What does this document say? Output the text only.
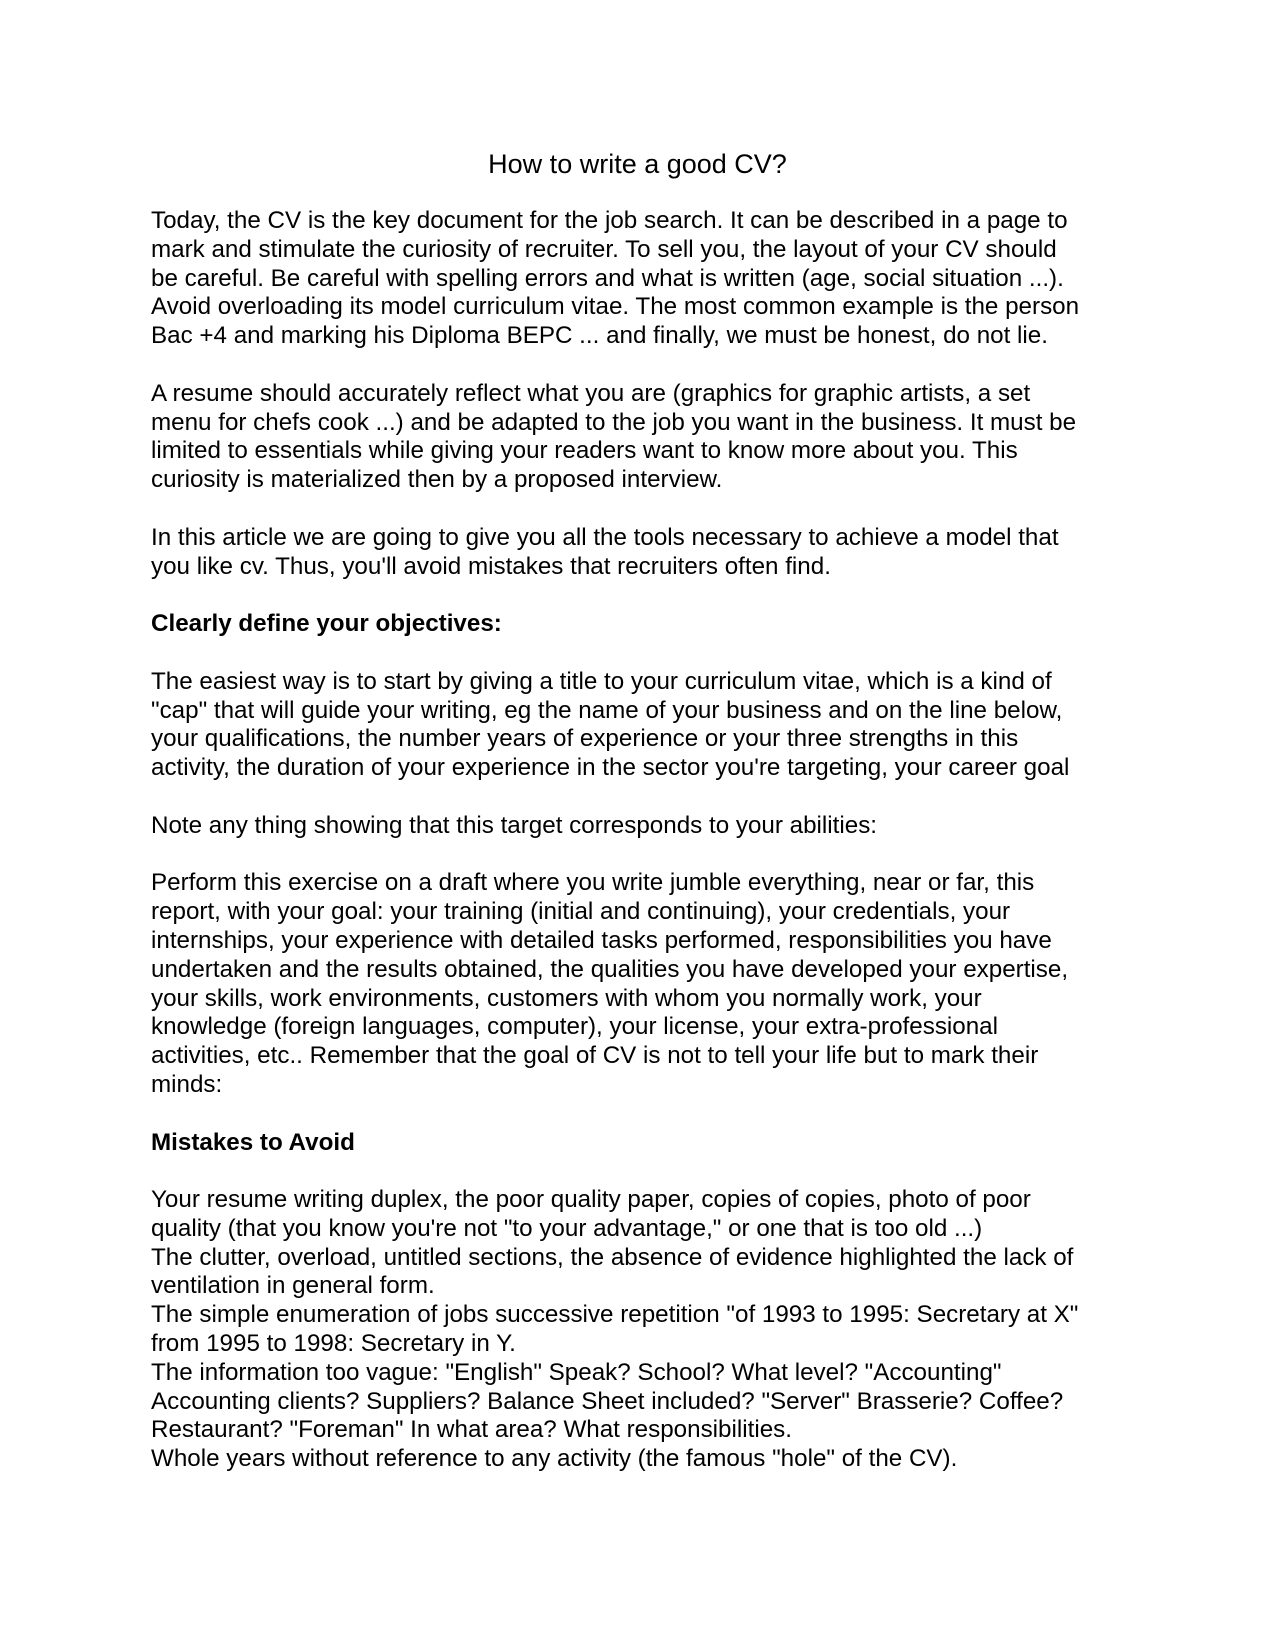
How to write a good CV?
Today, the CV is the key document for the job search. It can be described in a page to
mark and stimulate the curiosity of recruiter. To sell you, the layout of your CV should
be careful. Be careful with spelling errors and what is written (age, social situation ...).
Avoid overloading its model curriculum vitae. The most common example is the person
Bac +4 and marking his Diploma BEPC ... and finally, we must be honest, do not lie.
A resume should accurately reflect what you are (graphics for graphic artists, a set
menu for chefs cook ...) and be adapted to the job you want in the business. It must be
limited to essentials while giving your readers want to know more about you. This
curiosity is materialized then by a proposed interview.
In this article we are going to give you all the tools necessary to achieve a model that
you like cv. Thus, you'll avoid mistakes that recruiters often find.
Clearly define your objectives:
The easiest way is to start by giving a title to your curriculum vitae, which is a kind of
"cap" that will guide your writing, eg the name of your business and on the line below,
your qualifications, the number years of experience or your three strengths in this
activity, the duration of your experience in the sector you're targeting, your career goal
Note any thing showing that this target corresponds to your abilities:
Perform this exercise on a draft where you write jumble everything, near or far, this
report, with your goal: your training (initial and continuing), your credentials, your
internships, your experience with detailed tasks performed, responsibilities you have
undertaken and the results obtained, the qualities you have developed your expertise,
your skills, work environments, customers with whom you normally work, your
knowledge (foreign languages, computer), your license, your extra-professional
activities, etc.. Remember that the goal of CV is not to tell your life but to mark their
minds:
Mistakes to Avoid
Your resume writing duplex, the poor quality paper, copies of copies, photo of poor
quality (that you know you're not "to your advantage," or one that is too old ...)
The clutter, overload, untitled sections, the absence of evidence highlighted the lack of
ventilation in general form.
The simple enumeration of jobs successive repetition "of 1993 to 1995: Secretary at X"
from 1995 to 1998: Secretary in Y.
The information too vague: "English" Speak? School? What level? "Accounting"
Accounting clients? Suppliers? Balance Sheet included? "Server" Brasserie? Coffee?
Restaurant? "Foreman" In what area? What responsibilities.
Whole years without reference to any activity (the famous "hole" of the CV).
